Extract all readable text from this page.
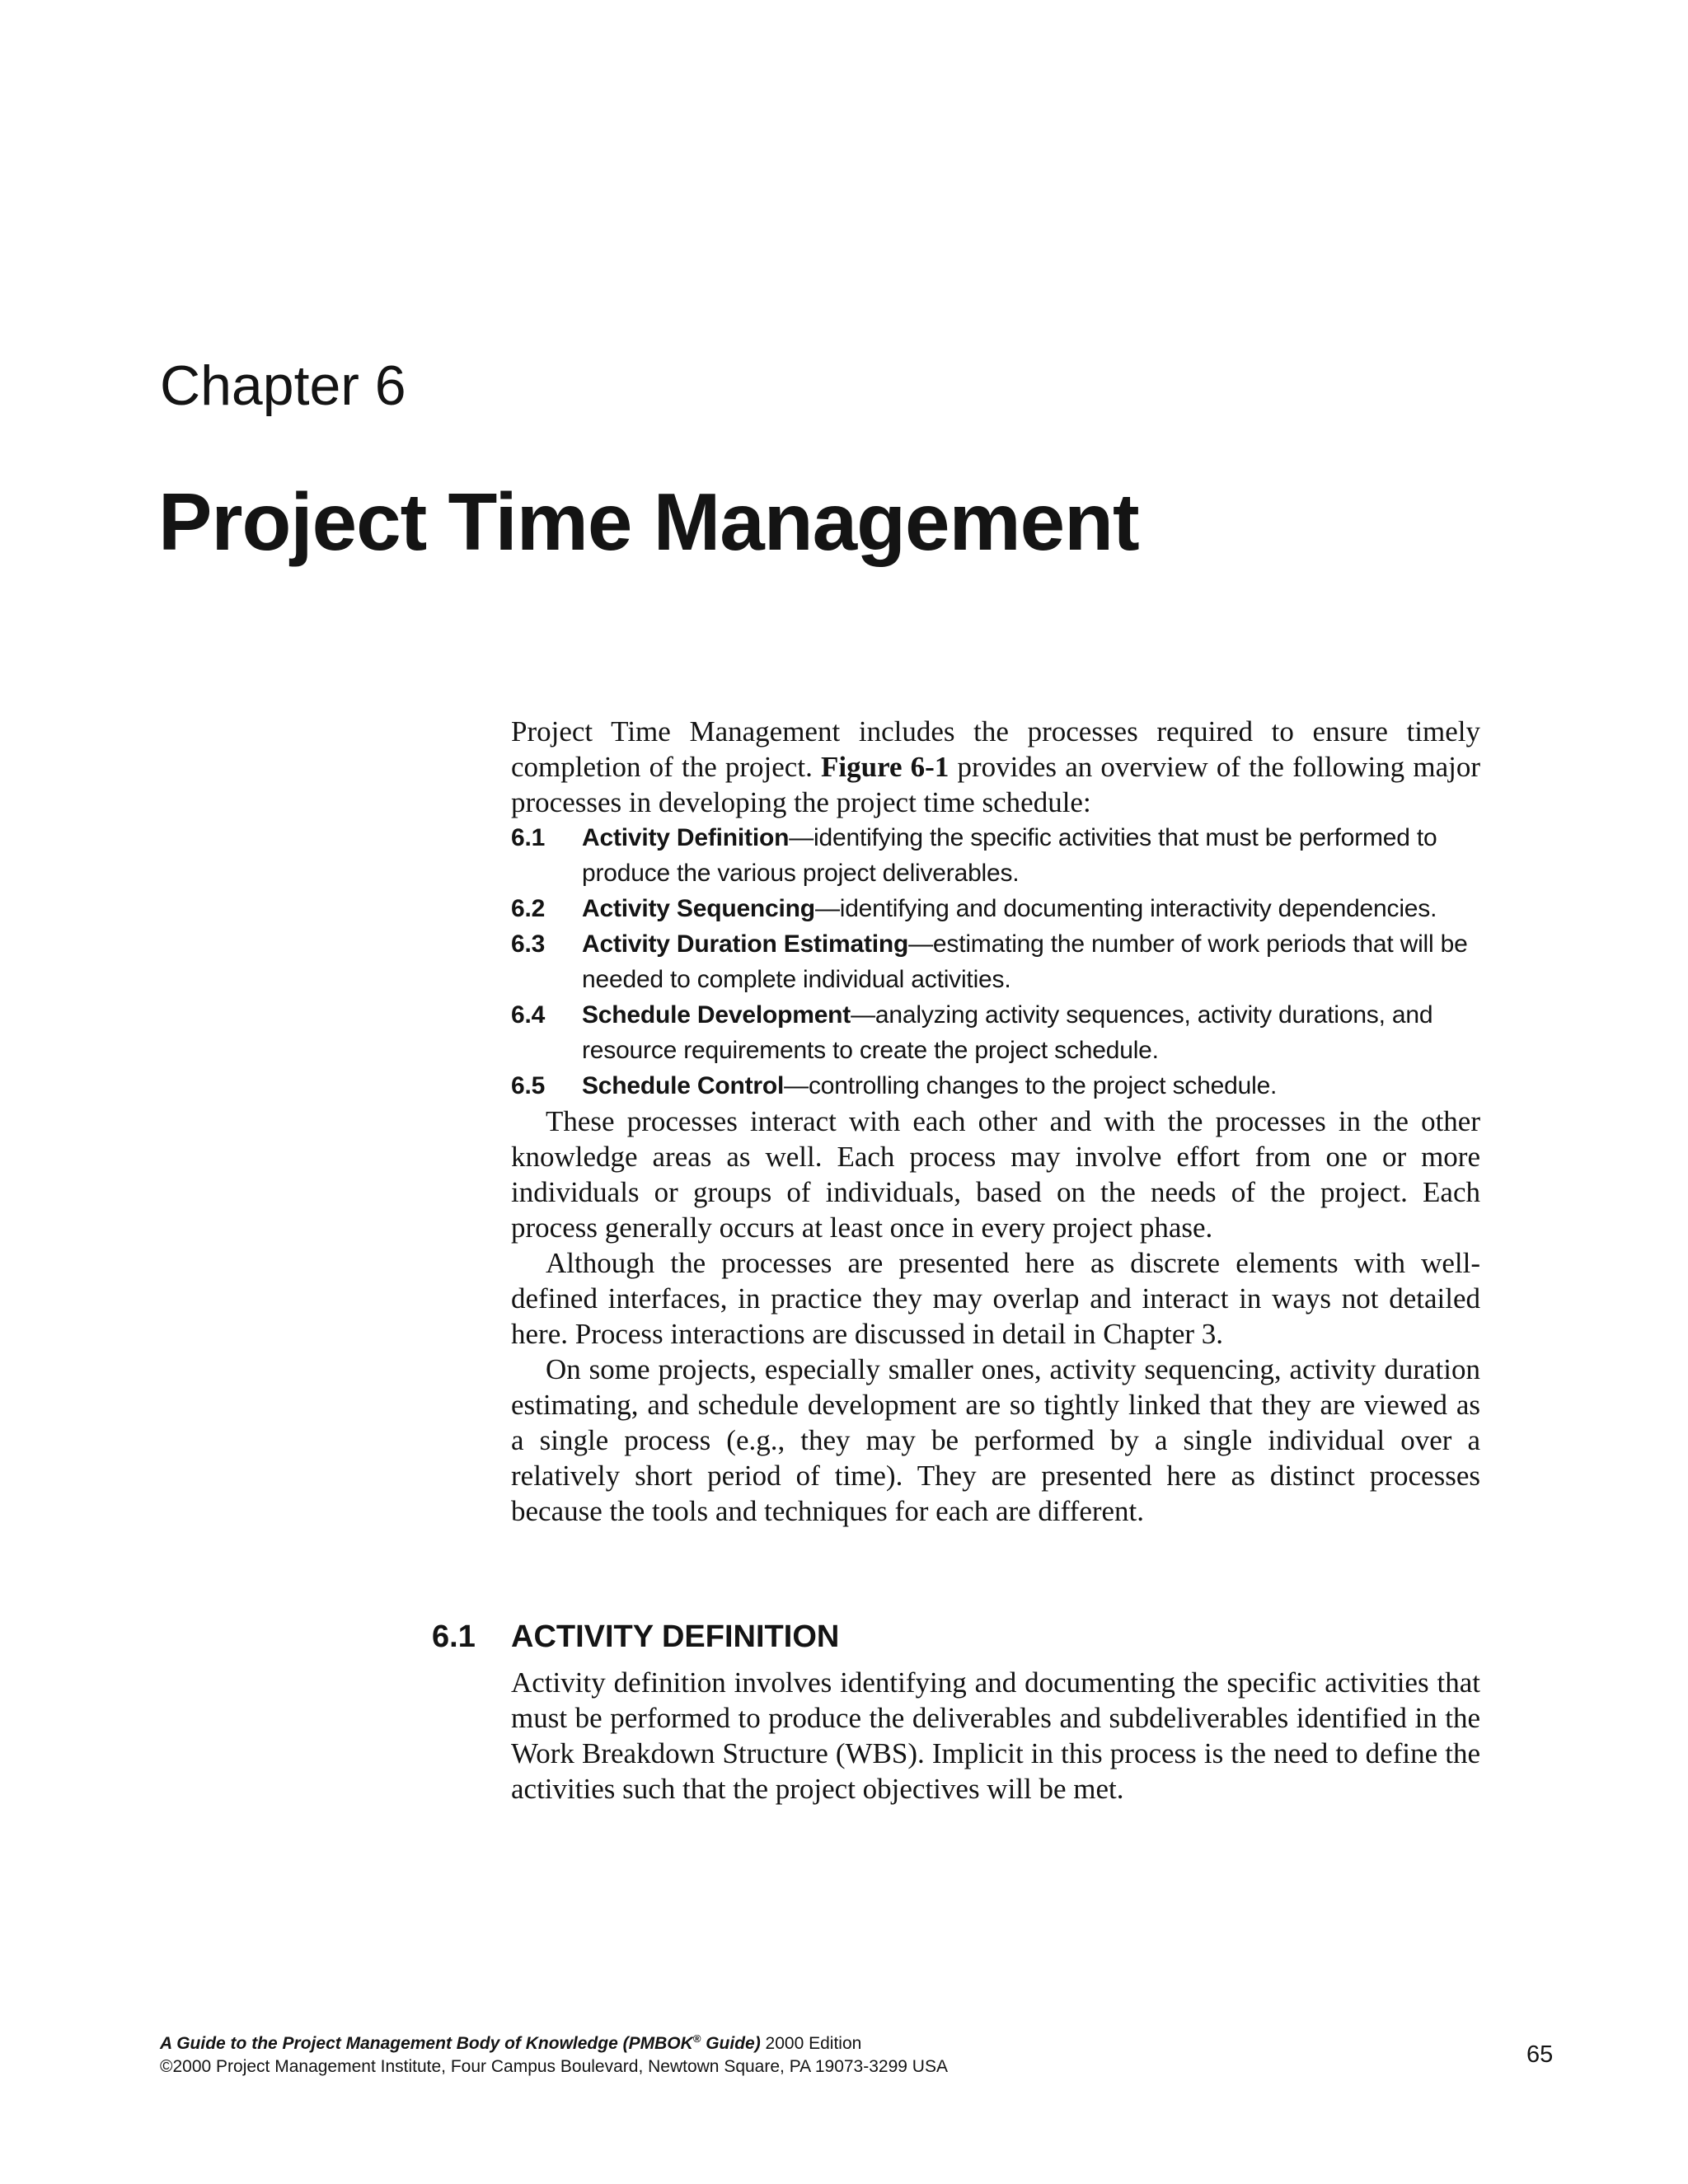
Chapter 6
Project Time Management

Project Time Management includes the processes required to ensure timely completion of the project. Figure 6-1 provides an overview of the following major processes in developing the project time schedule:

6.1 Activity Definition—identifying the specific activities that must be performed to produce the various project deliverables.
6.2 Activity Sequencing—identifying and documenting interactivity dependencies.
6.3 Activity Duration Estimating—estimating the number of work periods that will be needed to complete individual activities.
6.4 Schedule Development—analyzing activity sequences, activity durations, and resource requirements to create the project schedule.
6.5 Schedule Control—controlling changes to the project schedule.

These processes interact with each other and with the processes in the other knowledge areas as well. Each process may involve effort from one or more individuals or groups of individuals, based on the needs of the project. Each process generally occurs at least once in every project phase.

Although the processes are presented here as discrete elements with well-defined interfaces, in practice they may overlap and interact in ways not detailed here. Process interactions are discussed in detail in Chapter 3.

On some projects, especially smaller ones, activity sequencing, activity duration estimating, and schedule development are so tightly linked that they are viewed as a single process (e.g., they may be performed by a single individual over a relatively short period of time). They are presented here as distinct processes because the tools and techniques for each are different.

6.1 ACTIVITY DEFINITION

Activity definition involves identifying and documenting the specific activities that must be performed to produce the deliverables and subdeliverables identified in the Work Breakdown Structure (WBS). Implicit in this process is the need to define the activities such that the project objectives will be met.

A Guide to the Project Management Body of Knowledge (PMBOK® Guide) 2000 Edition
©2000 Project Management Institute, Four Campus Boulevard, Newtown Square, PA 19073-3299 USA	65
